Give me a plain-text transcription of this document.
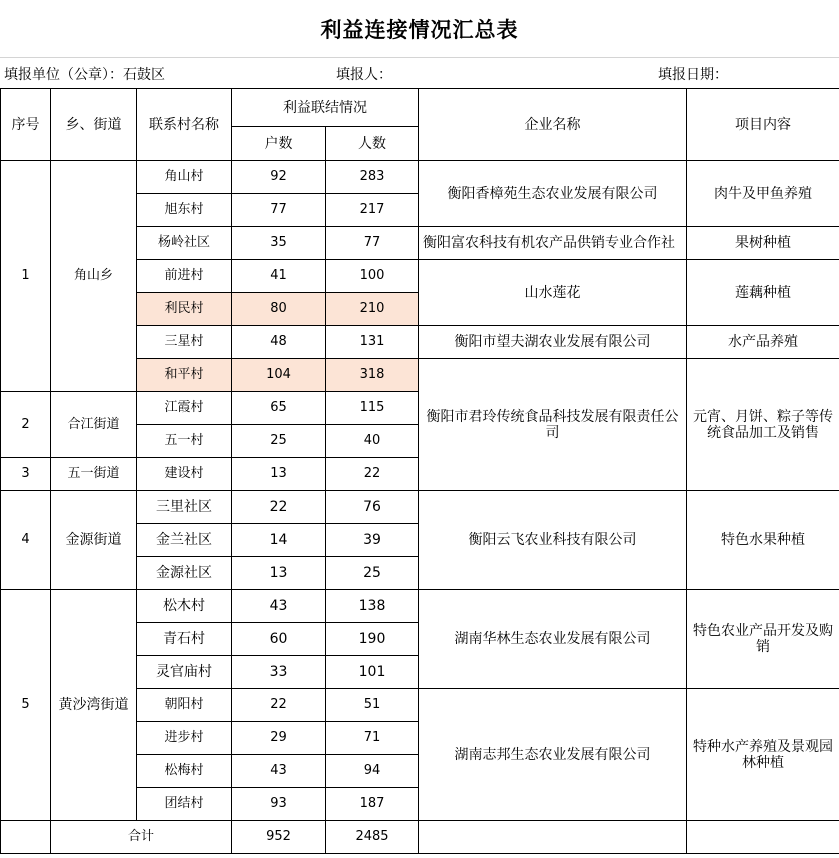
利益连接情况汇总表
填报单位（公章）：石鼓区	填报人：	填报日期：
序号	乡、街道	联系村名称	利益联结情况		企业名称	项目内容
			户数	人数		
1	角山乡	角山村	92	283	衡阳香樟苑生态农业发展有限公司	肉牛及甲鱼养殖
		旭东村	77	217		
		杨岭社区	35	77	衡阳富农科技有机农产品供销专业合作社	果树种植
		前进村	41	100	山水莲花	莲藕种植
		利民村	80	210		
		三星村	48	131	衡阳市望夫湖农业发展有限公司	水产品养殖
		和平村	104	318	衡阳市君玲传统食品科技发展有限责任公司	元宵、月饼、粽子等传统食品加工及销售
2	合江街道	江霞村	65	115		
		五一村	25	40		
3	五一街道	建设村	13	22		
4	金源街道	三里社区	22	76	衡阳云飞农业科技有限公司	特色水果种植
		金兰社区	14	39		
		金源社区	13	25		
5	黄沙湾街道	松木村	43	138	湖南华林生态农业发展有限公司	特色农业产品开发及购销
		青石村	60	190		
		灵官庙村	33	101		
		朝阳村	22	51	湖南志邦生态农业发展有限公司	特种水产养殖及景观园林种植
		进步村	29	71		
		松梅村	43	94		
		团结村	93	187		
	合计		952	2485		
